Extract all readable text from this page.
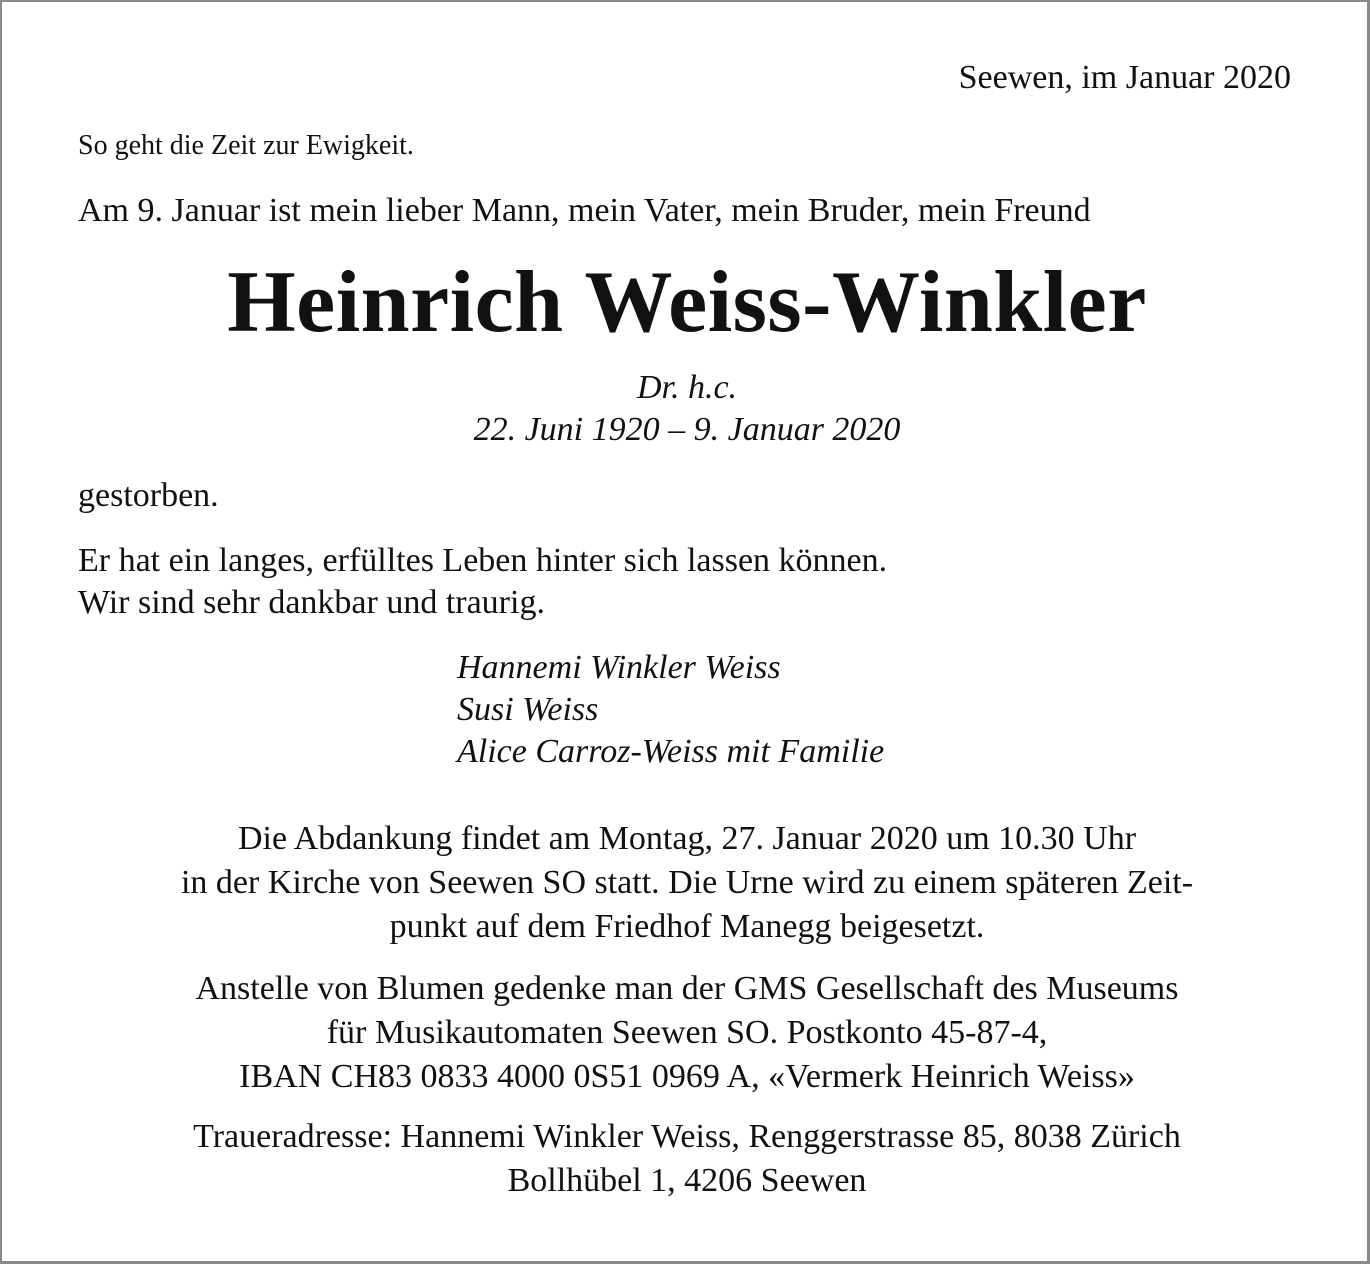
Seewen, im Januar 2020

So geht die Zeit zur Ewigkeit.

Am 9. Januar ist mein lieber Mann, mein Vater, mein Bruder, mein Freund

Heinrich Weiss-Winkler

Dr. h.c.

22. Juni 1920 – 9. Januar 2020

gestorben.

Er hat ein langes, erfülltes Leben hinter sich lassen können.
Wir sind sehr dankbar und traurig.

Hannemi Winkler Weiss
Susi Weiss
Alice Carroz-Weiss mit Familie

Die Abdankung findet am Montag, 27. Januar 2020 um 10.30 Uhr
in der Kirche von Seewen SO statt. Die Urne wird zu einem späteren Zeit-
punkt auf dem Friedhof Manegg beigesetzt.

Anstelle von Blumen gedenke man der GMS Gesellschaft des Museums
für Musikautomaten Seewen SO. Postkonto 45-87-4,
IBAN CH83 0833 4000 0S51 0969 A, «Vermerk Heinrich Weiss»

Traueradresse: Hannemi Winkler Weiss, Renggerstrasse 85, 8038 Zürich
Bollhübel 1, 4206 Seewen
